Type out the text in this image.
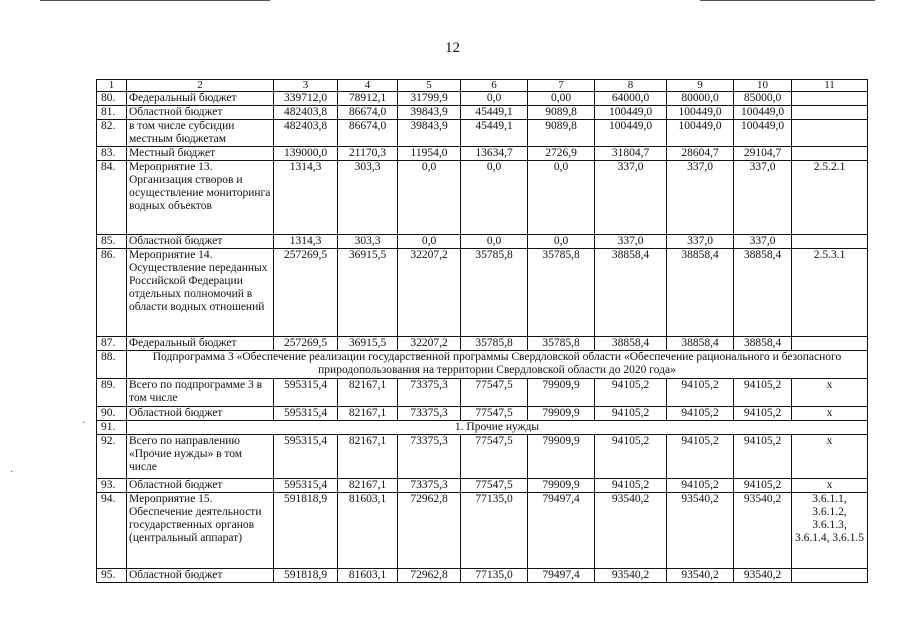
12
1	2	3	4	5	6	7	8	9	10	11
80.	Федеральный бюджет	339712,0	78912,1	31799,9	0,0	0,00	64000,0	80000,0	85000,0	
81.	Областной бюджет	482403,8	86674,0	39843,9	45449,1	9089,8	100449,0	100449,0	100449,0	
82.	в том числе субсидии местным бюджетам	482403,8	86674,0	39843,9	45449,1	9089,8	100449,0	100449,0	100449,0	
83.	Местный бюджет	139000,0	21170,3	11954,0	13634,7	2726,9	31804,7	28604,7	29104,7	
84.	Мероприятие 13. Организация створов и осуществление мониторинга водных объектов	1314,3	303,3	0,0	0,0	0,0	337,0	337,0	337,0	2.5.2.1
85.	Областной бюджет	1314,3	303,3	0,0	0,0	0,0	337,0	337,0	337,0	
86.	Мероприятие 14. Осуществление переданных Российской Федерации отдельных полномочий в области водных отношений	257269,5	36915,5	32207,2	35785,8	35785,8	38858,4	38858,4	38858,4	2.5.3.1
87.	Федеральный бюджет	257269,5	36915,5	32207,2	35785,8	35785,8	38858,4	38858,4	38858,4	
88.	Подпрограмма 3 «Обеспечение реализации государственной программы Свердловской области «Обеспечение рационального и безопасного природопользования на территории Свердловской области до 2020 года»									
89.	Всего по подпрограмме 3 в том числе	595315,4	82167,1	73375,3	77547,5	79909,9	94105,2	94105,2	94105,2	х
90.	Областной бюджет	595315,4	82167,1	73375,3	77547,5	79909,9	94105,2	94105,2	94105,2	х
91.	1. Прочие нужды									
92.	Всего по направлению «Прочие нужды» в том числе	595315,4	82167,1	73375,3	77547,5	79909,9	94105,2	94105,2	94105,2	х
93.	Областной бюджет	595315,4	82167,1	73375,3	77547,5	79909,9	94105,2	94105,2	94105,2	х
94.	Мероприятие 15. Обеспечение деятельности государственных органов (центральный аппарат)	591818,9	81603,1	72962,8	77135,0	79497,4	93540,2	93540,2	93540,2	3.6.1.1, 3.6.1.2, 3.6.1.3, 3.6.1.4, 3.6.1.5
95.	Областной бюджет	591818,9	81603,1	72962,8	77135,0	79497,4	93540,2	93540,2	93540,2	
·
·
